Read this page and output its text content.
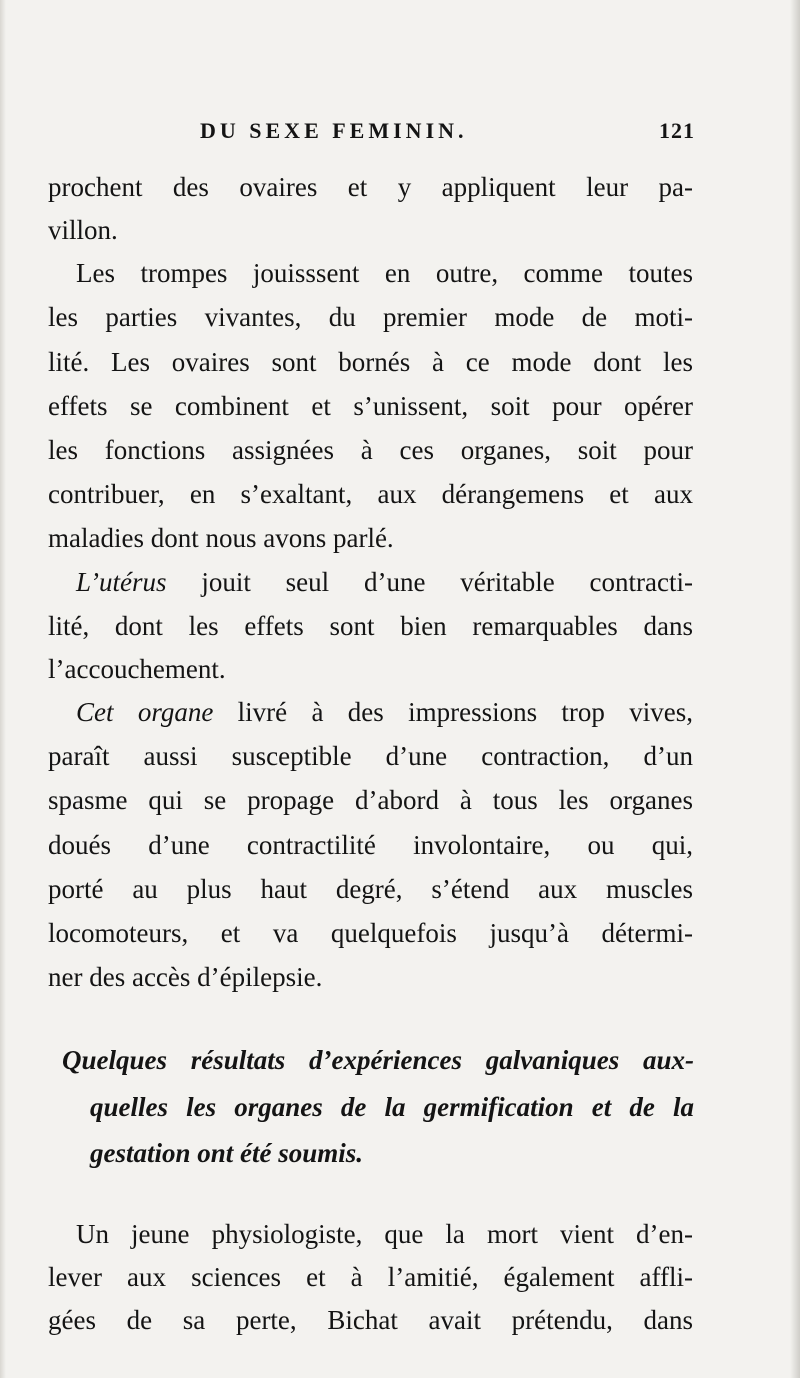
DU SEXE FEMININ.	121
prochent des ovaires et y appliquent leur pa-
villon.
Les trompes jouisssent en outre, comme toutes
les parties vivantes, du premier mode de moti-
lité. Les ovaires sont bornés à ce mode dont les
effets se combinent et s’unissent, soit pour opérer
les fonctions assignées à ces organes, soit pour
contribuer, en s’exaltant, aux dérangemens et aux
maladies dont nous avons parlé.
L’utérus jouit seul d’une véritable contracti-
lité, dont les effets sont bien remarquables dans
l’accouchement.
Cet organe livré à des impressions trop vives,
paraît aussi susceptible d’une contraction, d’un
spasme qui se propage d’abord à tous les organes
doués d’une contractilité involontaire, ou qui,
porté au plus haut degré, s’étend aux muscles
locomoteurs, et va quelquefois jusqu’à détermi-
ner des accès d’épilepsie.
Quelques résultats d’expériences galvaniques aux-
quelles les organes de la germification et de la
gestation ont été soumis.
Un jeune physiologiste, que la mort vient d’en-
lever aux sciences et à l’amitié, également affli-
gées de sa perte, Bichat avait prétendu, dans
